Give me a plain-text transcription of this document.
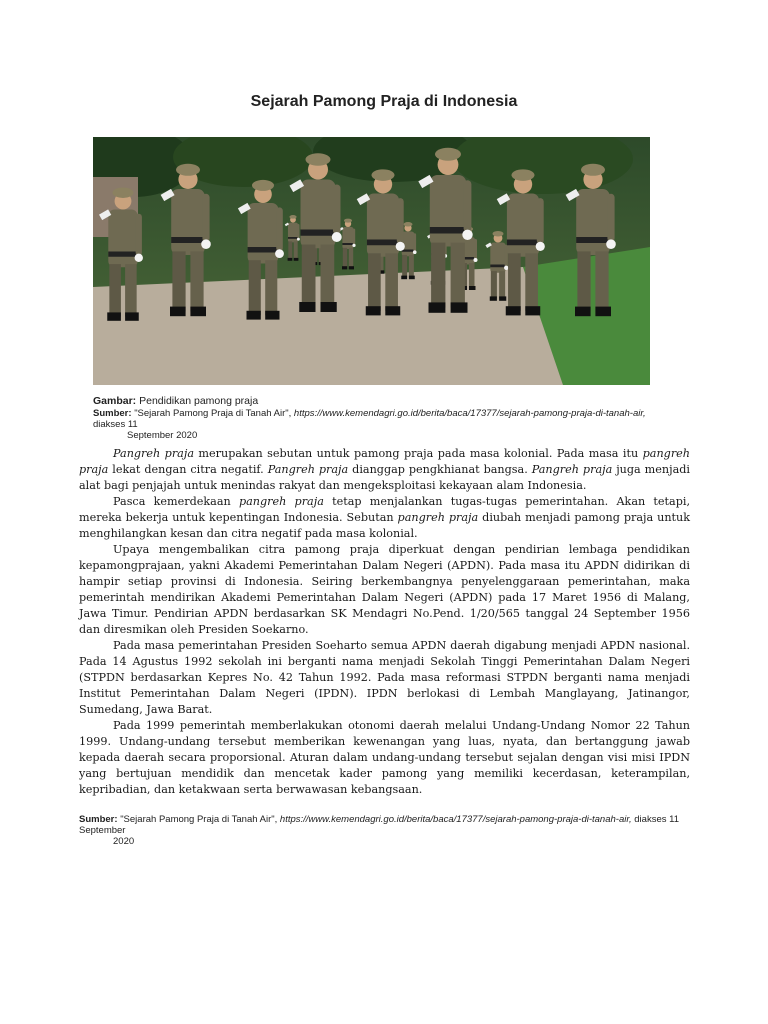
Sejarah Pamong Praja di Indonesia
Gambar: Pendidikan pamong praja
Sumber: "Sejarah Pamong Praja di Tanah Air", https://www.kemendagri.go.id/berita/baca/17377/sejarah-pamong-praja-di-tanah-air, diakses 11
September 2020

Pangreh praja merupakan sebutan untuk pamong praja pada masa kolonial. Pada masa itu pangreh praja lekat dengan citra negatif. Pangreh praja dianggap pengkhianat bangsa. Pangreh praja juga menjadi alat bagi penjajah untuk menindas rakyat dan mengeksploitasi kekayaan alam Indonesia.

Pasca kemerdekaan pangreh praja tetap menjalankan tugas-tugas pemerintahan. Akan tetapi, mereka bekerja untuk kepentingan Indonesia. Sebutan pangreh praja diubah menjadi pamong praja untuk menghilangkan kesan dan citra negatif pada masa kolonial.

Upaya mengembalikan citra pamong praja diperkuat dengan pendirian lembaga pendidikan kepamongprajaan, yakni Akademi Pemerintahan Dalam Negeri (APDN). Pada masa itu APDN didirikan di hampir setiap provinsi di Indonesia. Seiring berkembangnya penyelenggaraan pemerintahan, maka pemerintah mendirikan Akademi Pemerintahan Dalam Negeri (APDN) pada 17 Maret 1956 di Malang, Jawa Timur. Pendirian APDN berdasarkan SK Mendagri No.Pend. 1/20/565 tanggal 24 September 1956 dan diresmikan oleh Presiden Soekarno.

Pada masa pemerintahan Presiden Soeharto semua APDN daerah digabung menjadi APDN nasional. Pada 14 Agustus 1992 sekolah ini berganti nama menjadi Sekolah Tinggi Pemerintahan Dalam Negeri (STPDN berdasarkan Kepres No. 42 Tahun 1992. Pada masa reformasi STPDN berganti nama menjadi Institut Pemerintahan Dalam Negeri (IPDN). IPDN berlokasi di Lembah Manglayang, Jatinangor, Sumedang, Jawa Barat.

Pada 1999 pemerintah memberlakukan otonomi daerah melalui Undang-Undang Nomor 22 Tahun 1999. Undang-undang tersebut memberikan kewenangan yang luas, nyata, dan bertanggung jawab kepada daerah secara proporsional. Aturan dalam undang-undang tersebut sejalan dengan visi misi IPDN yang bertujuan mendidik dan mencetak kader pamong yang memiliki kecerdasan, keterampilan, kepribadian, dan ketakwaan serta berwawasan kebangsaan.

Sumber: "Sejarah Pamong Praja di Tanah Air", https://www.kemendagri.go.id/berita/baca/17377/sejarah-pamong-praja-di-tanah-air, diakses 11 September
2020
